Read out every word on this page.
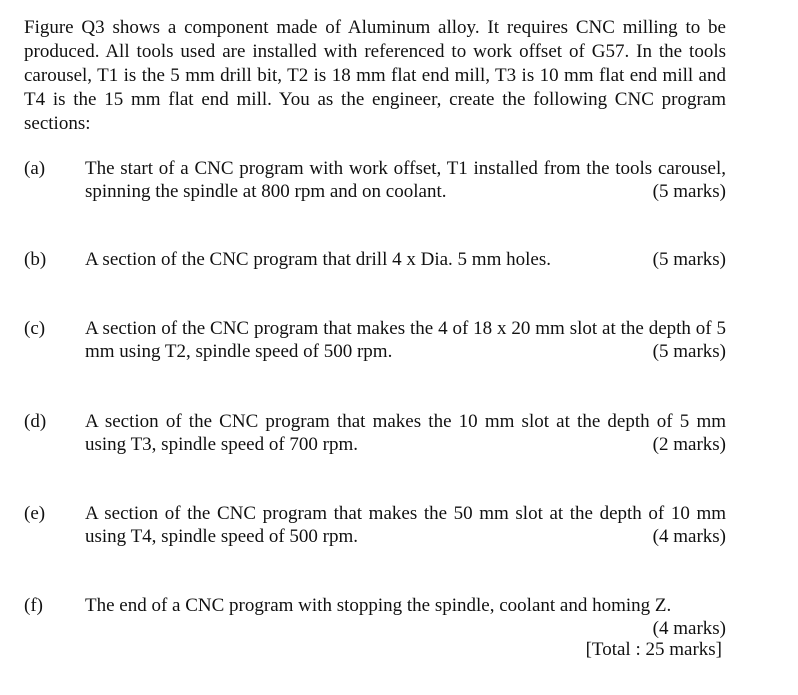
Figure Q3 shows a component made of Aluminum alloy. It requires CNC milling to be produced. All tools used are installed with referenced to work offset of G57. In the tools carousel, T1 is the 5 mm drill bit, T2 is 18 mm flat end mill, T3 is 10 mm flat end mill and T4 is the 15 mm flat end mill. You as the engineer, create the following CNC program sections:
(a)	The start of a CNC program with work offset, T1 installed from the tools carousel, spinning the spindle at 800 rpm and on coolant.	(5 marks)
(b)	A section of the CNC program that drill 4 x Dia. 5 mm holes.	(5 marks)
(c)	A section of the CNC program that makes the 4 of 18 x 20 mm slot at the depth of 5 mm using T2, spindle speed of 500 rpm.	(5 marks)
(d)	A section of the CNC program that makes the 10 mm slot at the depth of 5 mm using T3, spindle speed of 700 rpm.	(2 marks)
(e)	A section of the CNC program that makes the 50 mm slot at the depth of 10 mm using T4, spindle speed of 500 rpm.	(4 marks)
(f)	The end of a CNC program with stopping the spindle, coolant and homing Z.
(4 marks)
[Total : 25 marks]
